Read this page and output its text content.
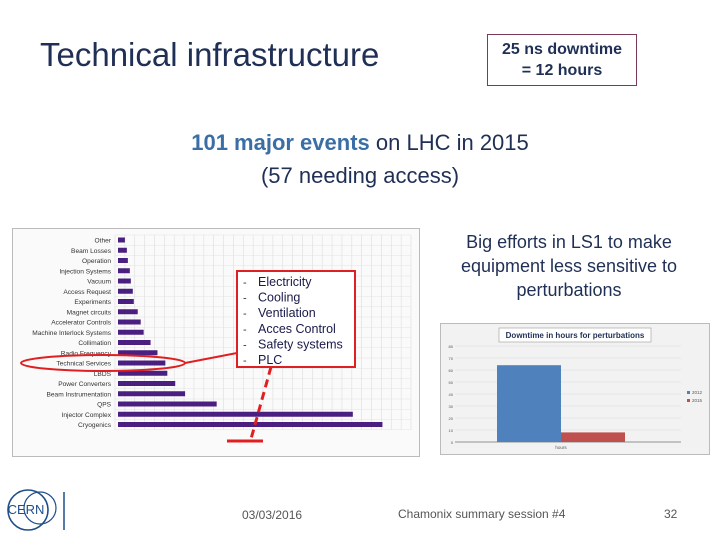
Technical infrastructure	25 ns downtime
= 12 hours
101 major events on LHC in 2015
(57 needing access)
Other
Beam Losses
Operation
Injection Systems
Vacuum
Access Request
Experiments
Magnet circuits
Accelerator Controls
Machine Interlock Systems
Collimation
Radio Frequency
Technical Services
LBDS
Power Converters
Beam Instrumentation
QPS
Injector Complex
Cryogenics
- Electricity
- Cooling
- Ventilation
- Acces Control
- Safety systems
- PLC
Big efforts in LS1 to make equipment less sensitive to perturbations
Downtime in hours for perturbations
0
10
20
30
40
50
60
70
80
2012
2015
hours
CERN	03/03/2016	Chamonix summary session #4	32
